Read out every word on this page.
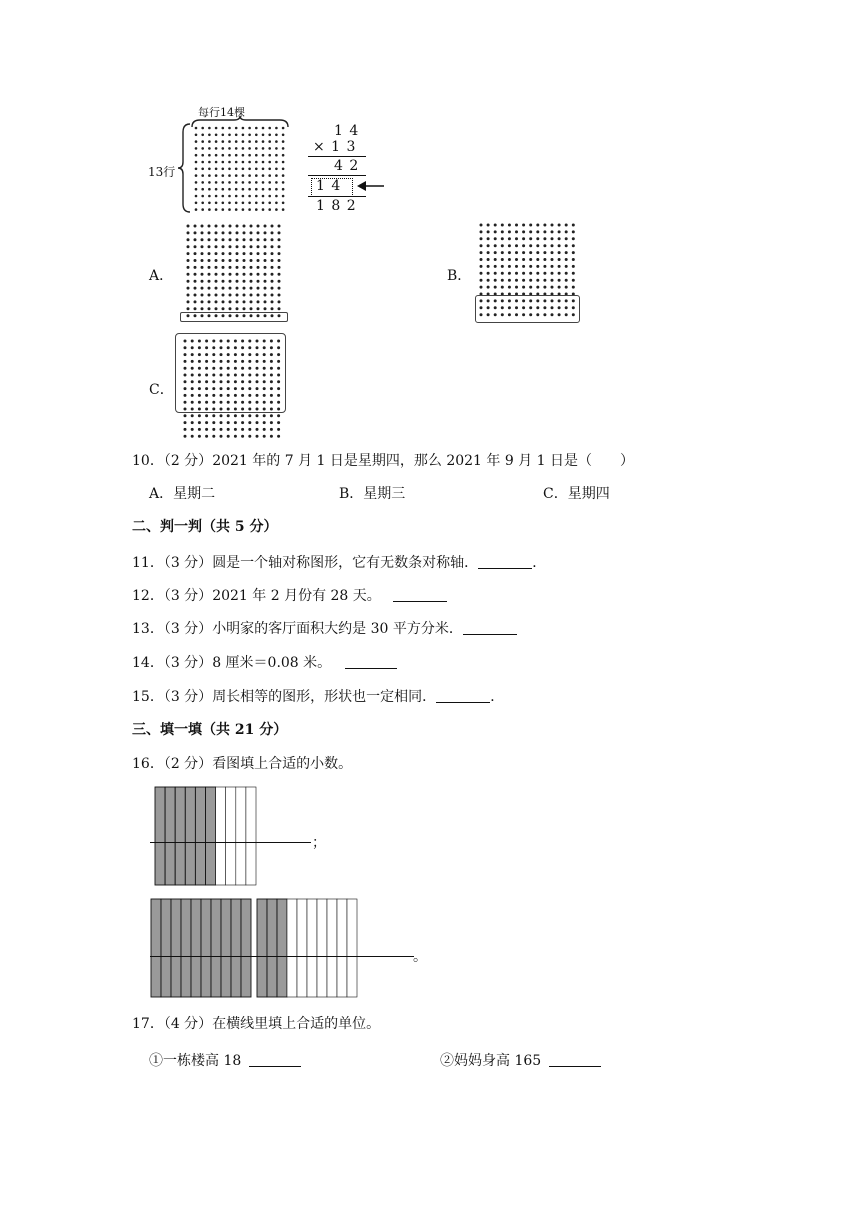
每行14棵
13行
1 4
× 1 3
4 2
1 4
1 8 2
A．	B．
C．
10．（2 分）2021 年的 7 月 1 日是星期四，那么 2021 年 9 月 1 日是（　　）
A．星期二	B．星期三	C．星期四
二、判一判（共 5 分）
11．（3 分）圆是一个轴对称图形，它有无数条对称轴．	．
12．（3 分）2021 年 2 月份有 28 天。
13．（3 分）小明家的客厅面积大约是 30 平方分米．
14．（3 分）8 厘米＝0.08 米。
15．（3 分）周长相等的图形，形状也一定相同．	．
三、填一填（共 21 分）
16．（2 分）看图填上合适的小数。
；
。
17．（4 分）在横线里填上合适的单位。
①一栋楼高 18	②妈妈身高 165
